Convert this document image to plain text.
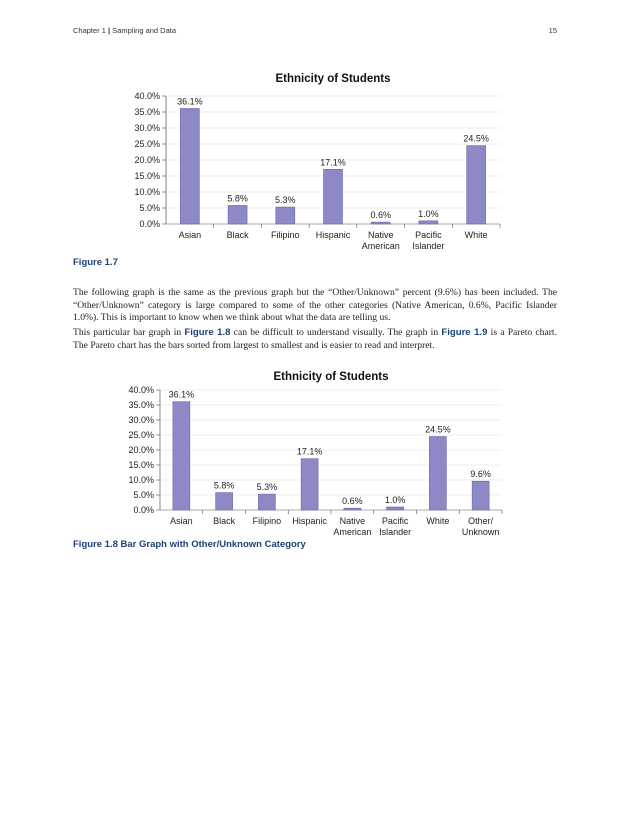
Chapter 1 | Sampling and Data	15
Ethnicity of Students
0.0%
5.0%
10.0%
15.0%
20.0%
25.0%
30.0%
35.0%
40.0%
36.1%
Asian
5.8%
Black
5.3%
Filipino
17.1%
Hispanic
0.6%
Native
American
1.0%
Pacific
Islander
24.5%
White
Figure 1.7

The following graph is the same as the previous graph but the “Other/Unknown” percent (9.6%) has been included. The “Other/Unknown” category is large compared to some of the other categories (Native American, 0.6%, Pacific Islander 1.0%). This is important to know when we think about what the data are telling us.

This particular bar graph in Figure 1.8 can be difficult to understand visually. The graph in Figure 1.9 is a Pareto chart. The Pareto chart has the bars sorted from largest to smallest and is easier to read and interpret.

Ethnicity of Students
0.0%
5.0%
10.0%
15.0%
20.0%
25.0%
30.0%
35.0%
40.0% 36.1%
Asian
5.8%
Black
5.3%
Filipino
17.1%
Hispanic
0.6%
Native
American
1.0%
Pacific
Islander
24.5%
White
9.6%
Other/
Unknown
Figure 1.8 Bar Graph with Other/Unknown Category
